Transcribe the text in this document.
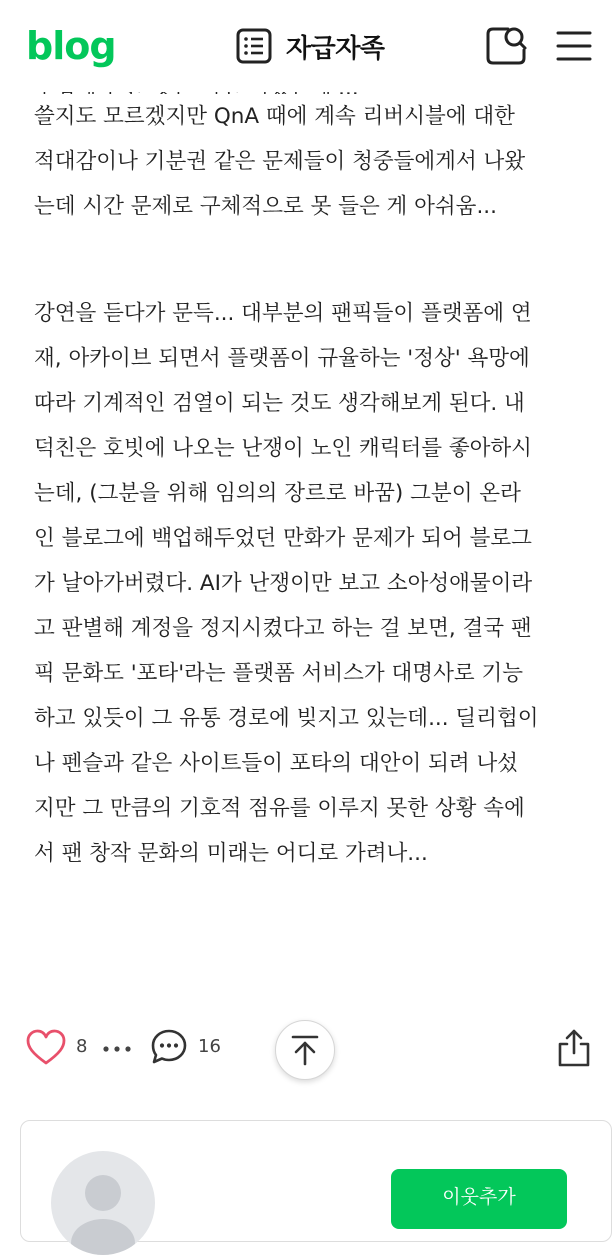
blog	자급자족

쓸지도 모르겠지만 QnA 때에 계속 리버시블에 대한
적대감이나 기분권 같은 문제들이 청중들에게서 나왔
는데 시간 문제로 구체적으로 못 들은 게 아쉬움...

강연을 듣다가 문득... 대부분의 팬픽들이 플랫폼에 연
재, 아카이브 되면서 플랫폼이 규율하는 '정상' 욕망에
따라 기계적인 검열이 되는 것도 생각해보게 된다. 내
덕친은 호빗에 나오는 난쟁이 노인 캐릭터를 좋아하시
는데, (그분을 위해 임의의 장르로 바꿈) 그분이 온라
인 블로그에 백업해두었던 만화가 문제가 되어 블로그
가 날아가버렸다. AI가 난쟁이만 보고 소아성애물이라
고 판별해 계정을 정지시켰다고 하는 걸 보면, 결국 팬
픽 문화도 '포타'라는 플랫폼 서비스가 대명사로 기능
하고 있듯이 그 유통 경로에 빚지고 있는데... 딜리헙이
나 펜슬과 같은 사이트들이 포타의 대안이 되려 나섰
지만 그 만큼의 기호적 점유를 이루지 못한 상황 속에
서 팬 창작 문화의 미래는 어디로 가려나...

8	16
이웃추가
